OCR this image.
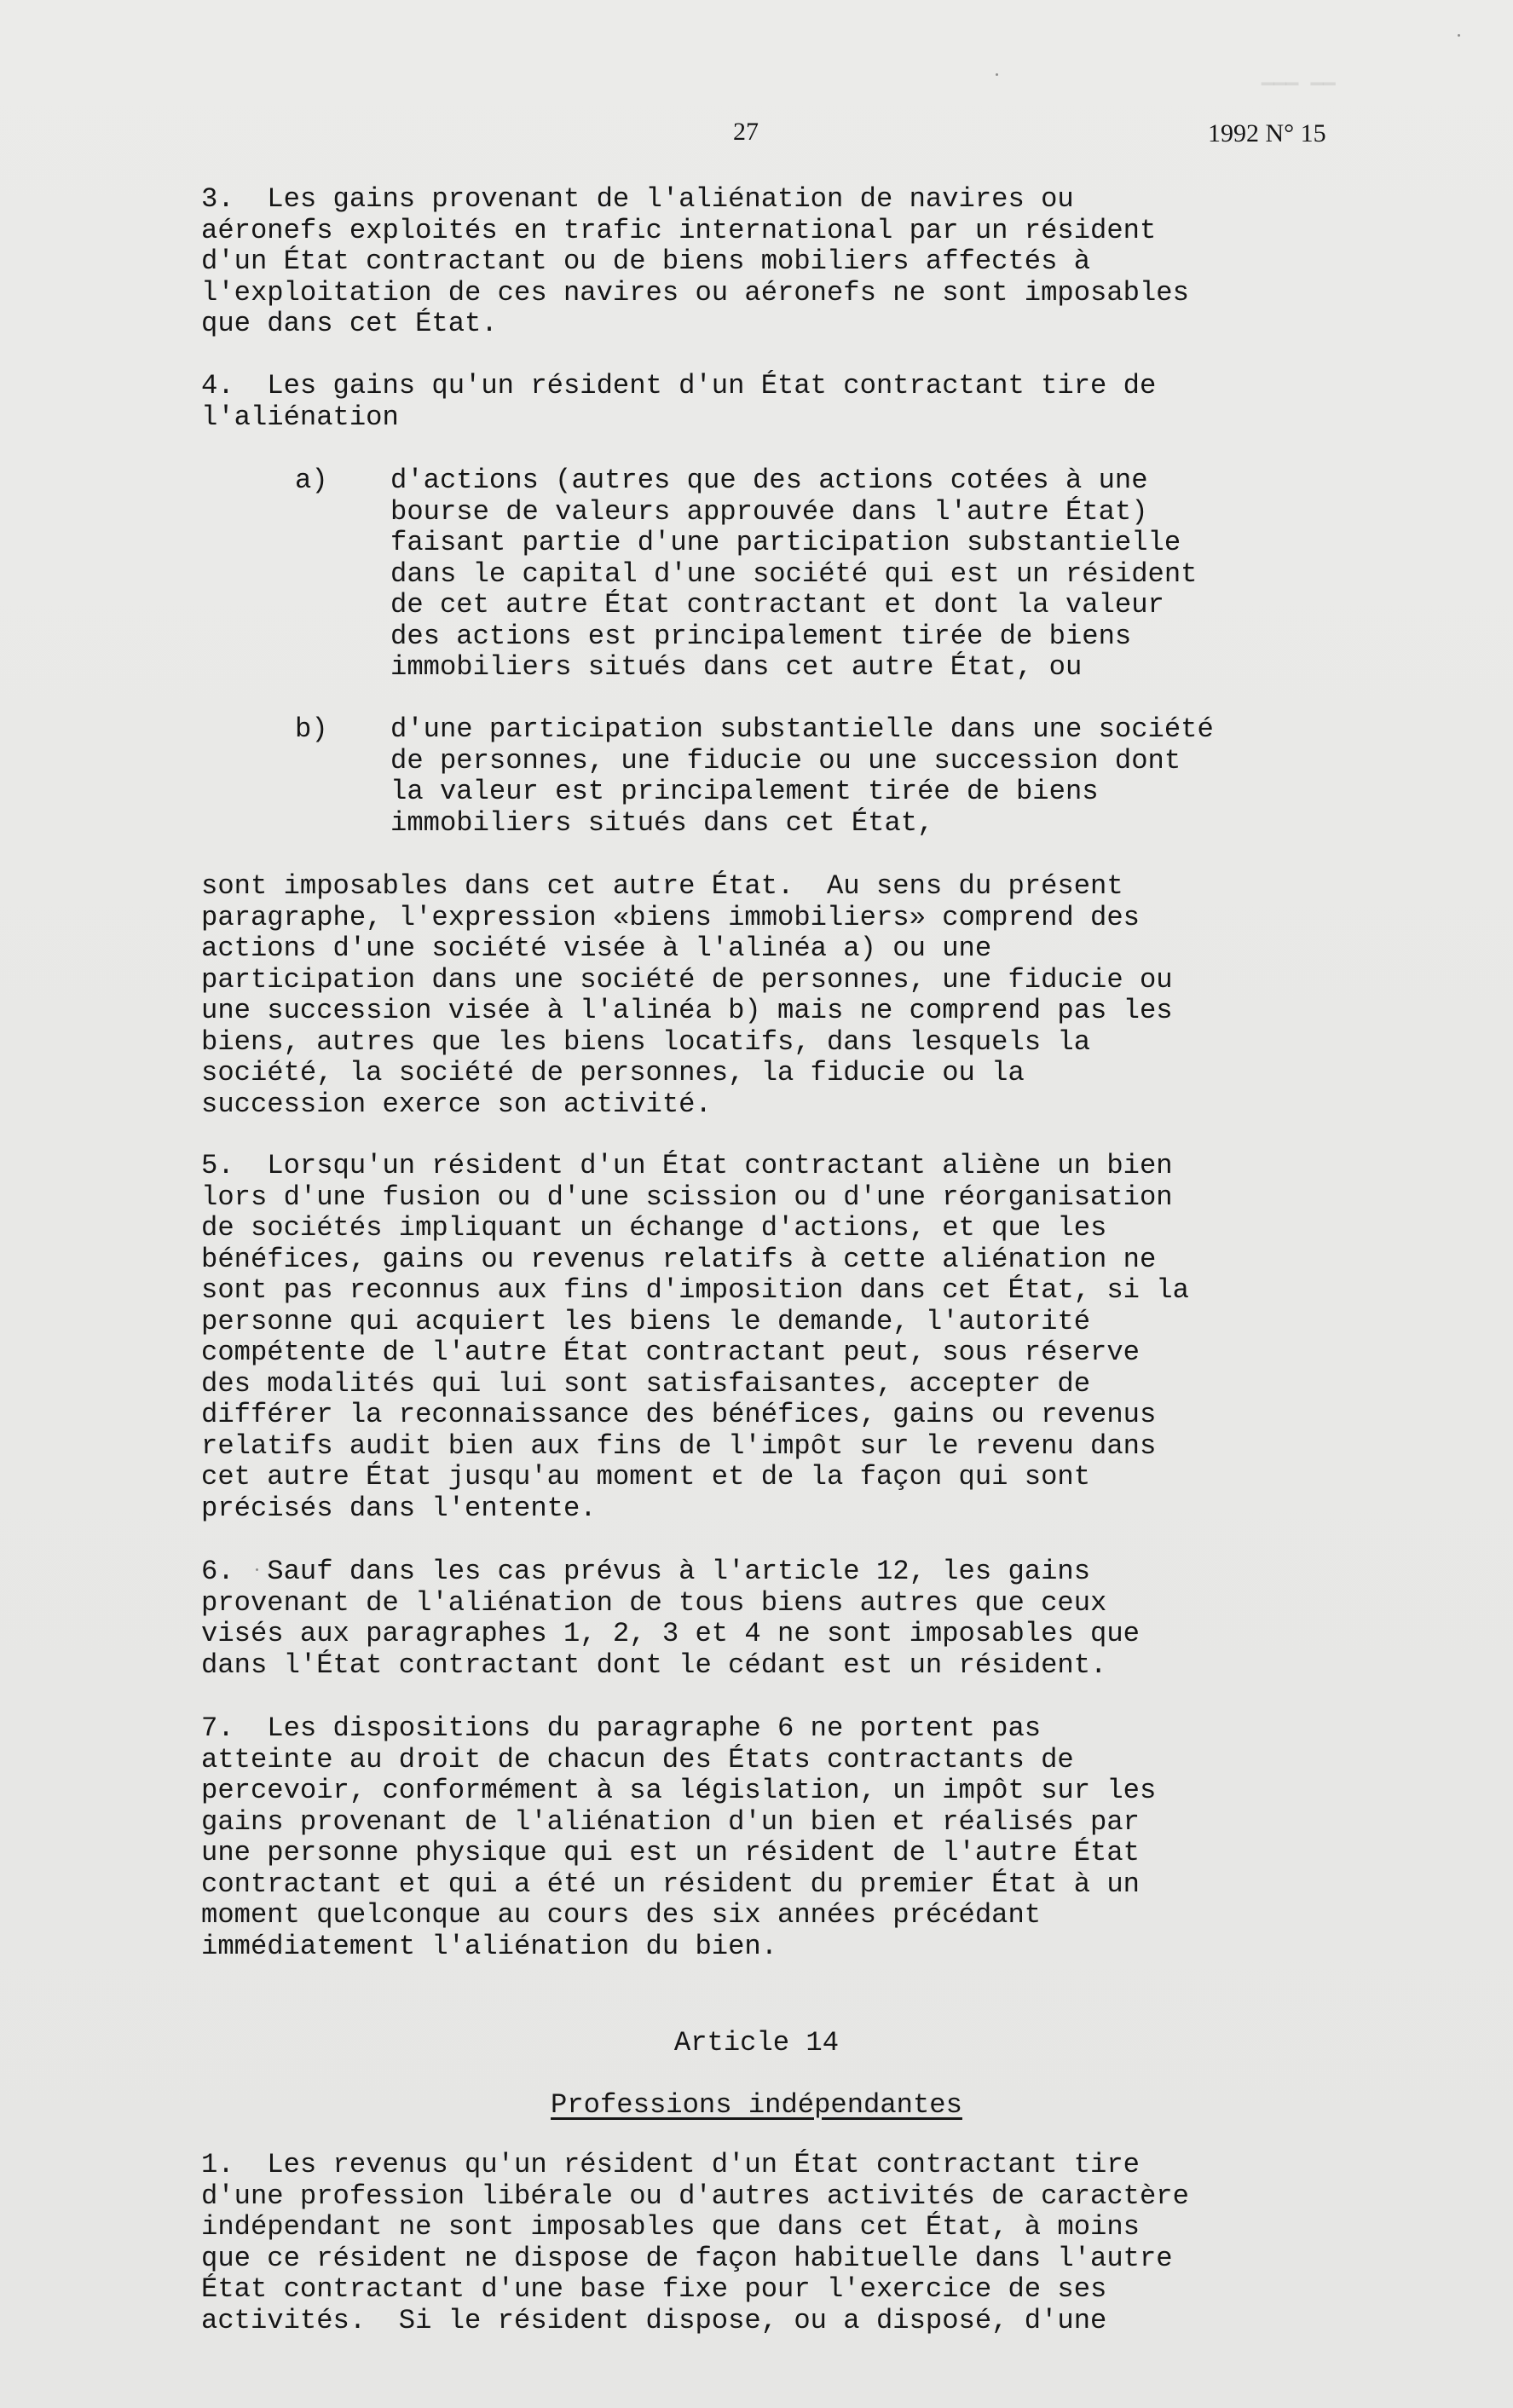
▔▔▔ ▔▔
27	1992 N° 15
3.  Les gains provenant de l'aliénation de navires ou
aéronefs exploités en trafic international par un résident
d'un État contractant ou de biens mobiliers affectés à
l'exploitation de ces navires ou aéronefs ne sont imposables
que dans cet État.
4.  Les gains qu'un résident d'un État contractant tire de
l'aliénation
a) d'actions (autres que des actions cotées à une
bourse de valeurs approuvée dans l'autre État)
faisant partie d'une participation substantielle
dans le capital d'une société qui est un résident
de cet autre État contractant et dont la valeur
des actions est principalement tirée de biens
immobiliers situés dans cet autre État, ou
b) d'une participation substantielle dans une société
de personnes, une fiducie ou une succession dont
la valeur est principalement tirée de biens
immobiliers situés dans cet État,
sont imposables dans cet autre État.  Au sens du présent
paragraphe, l'expression «biens immobiliers» comprend des
actions d'une société visée à l'alinéa a) ou une
participation dans une société de personnes, une fiducie ou
une succession visée à l'alinéa b) mais ne comprend pas les
biens, autres que les biens locatifs, dans lesquels la
société, la société de personnes, la fiducie ou la
succession exerce son activité.
5.  Lorsqu'un résident d'un État contractant aliène un bien
lors d'une fusion ou d'une scission ou d'une réorganisation
de sociétés impliquant un échange d'actions, et que les
bénéfices, gains ou revenus relatifs à cette aliénation ne
sont pas reconnus aux fins d'imposition dans cet État, si la
personne qui acquiert les biens le demande, l'autorité
compétente de l'autre État contractant peut, sous réserve
des modalités qui lui sont satisfaisantes, accepter de
différer la reconnaissance des bénéfices, gains ou revenus
relatifs audit bien aux fins de l'impôt sur le revenu dans
cet autre État jusqu'au moment et de la façon qui sont
précisés dans l'entente.
6.  Sauf dans les cas prévus à l'article 12, les gains
provenant de l'aliénation de tous biens autres que ceux
visés aux paragraphes 1, 2, 3 et 4 ne sont imposables que
dans l'État contractant dont le cédant est un résident.
7.  Les dispositions du paragraphe 6 ne portent pas
atteinte au droit de chacun des États contractants de
percevoir, conformément à sa législation, un impôt sur les
gains provenant de l'aliénation d'un bien et réalisés par
une personne physique qui est un résident de l'autre État
contractant et qui a été un résident du premier État à un
moment quelconque au cours des six années précédant
immédiatement l'aliénation du bien.
Article 14
Professions indépendantes
1.  Les revenus qu'un résident d'un État contractant tire
d'une profession libérale ou d'autres activités de caractère
indépendant ne sont imposables que dans cet État, à moins
que ce résident ne dispose de façon habituelle dans l'autre
État contractant d'une base fixe pour l'exercice de ses
activités.  Si le résident dispose, ou a disposé, d'une
